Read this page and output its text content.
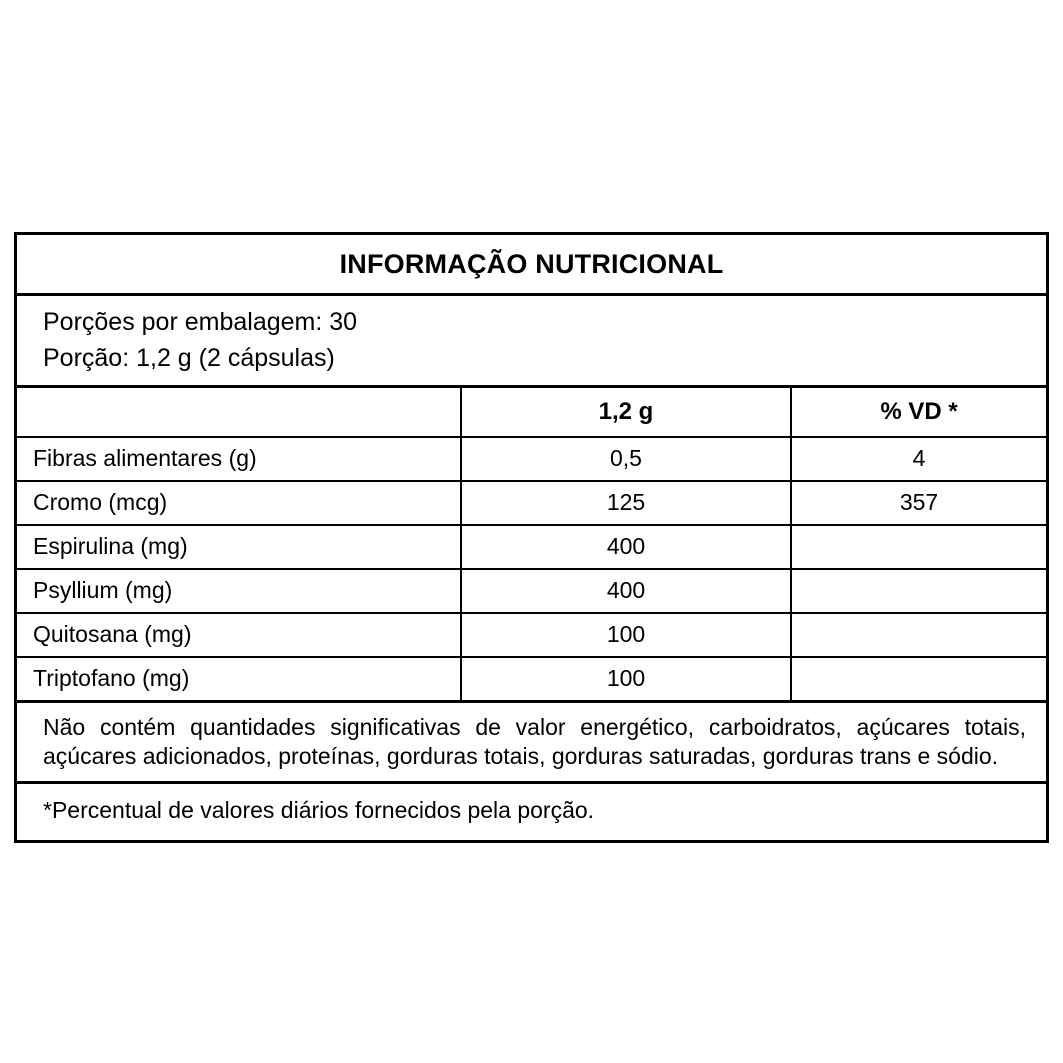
INFORMAÇÃO NUTRICIONAL
Porções por embalagem: 30
Porção: 1,2 g (2 cápsulas)
	1,2 g	% VD *
Fibras alimentares (g)	0,5	4
Cromo (mcg)	125	357
Espirulina (mg)	400	
Psyllium (mg)	400	
Quitosana (mg)	100	
Triptofano (mg)	100	
Não contém quantidades significativas de valor energético, carboidratos, açúcares totais, açúcares adicionados, proteínas, gorduras totais, gorduras saturadas, gorduras trans e sódio.
*Percentual de valores diários fornecidos pela porção.
